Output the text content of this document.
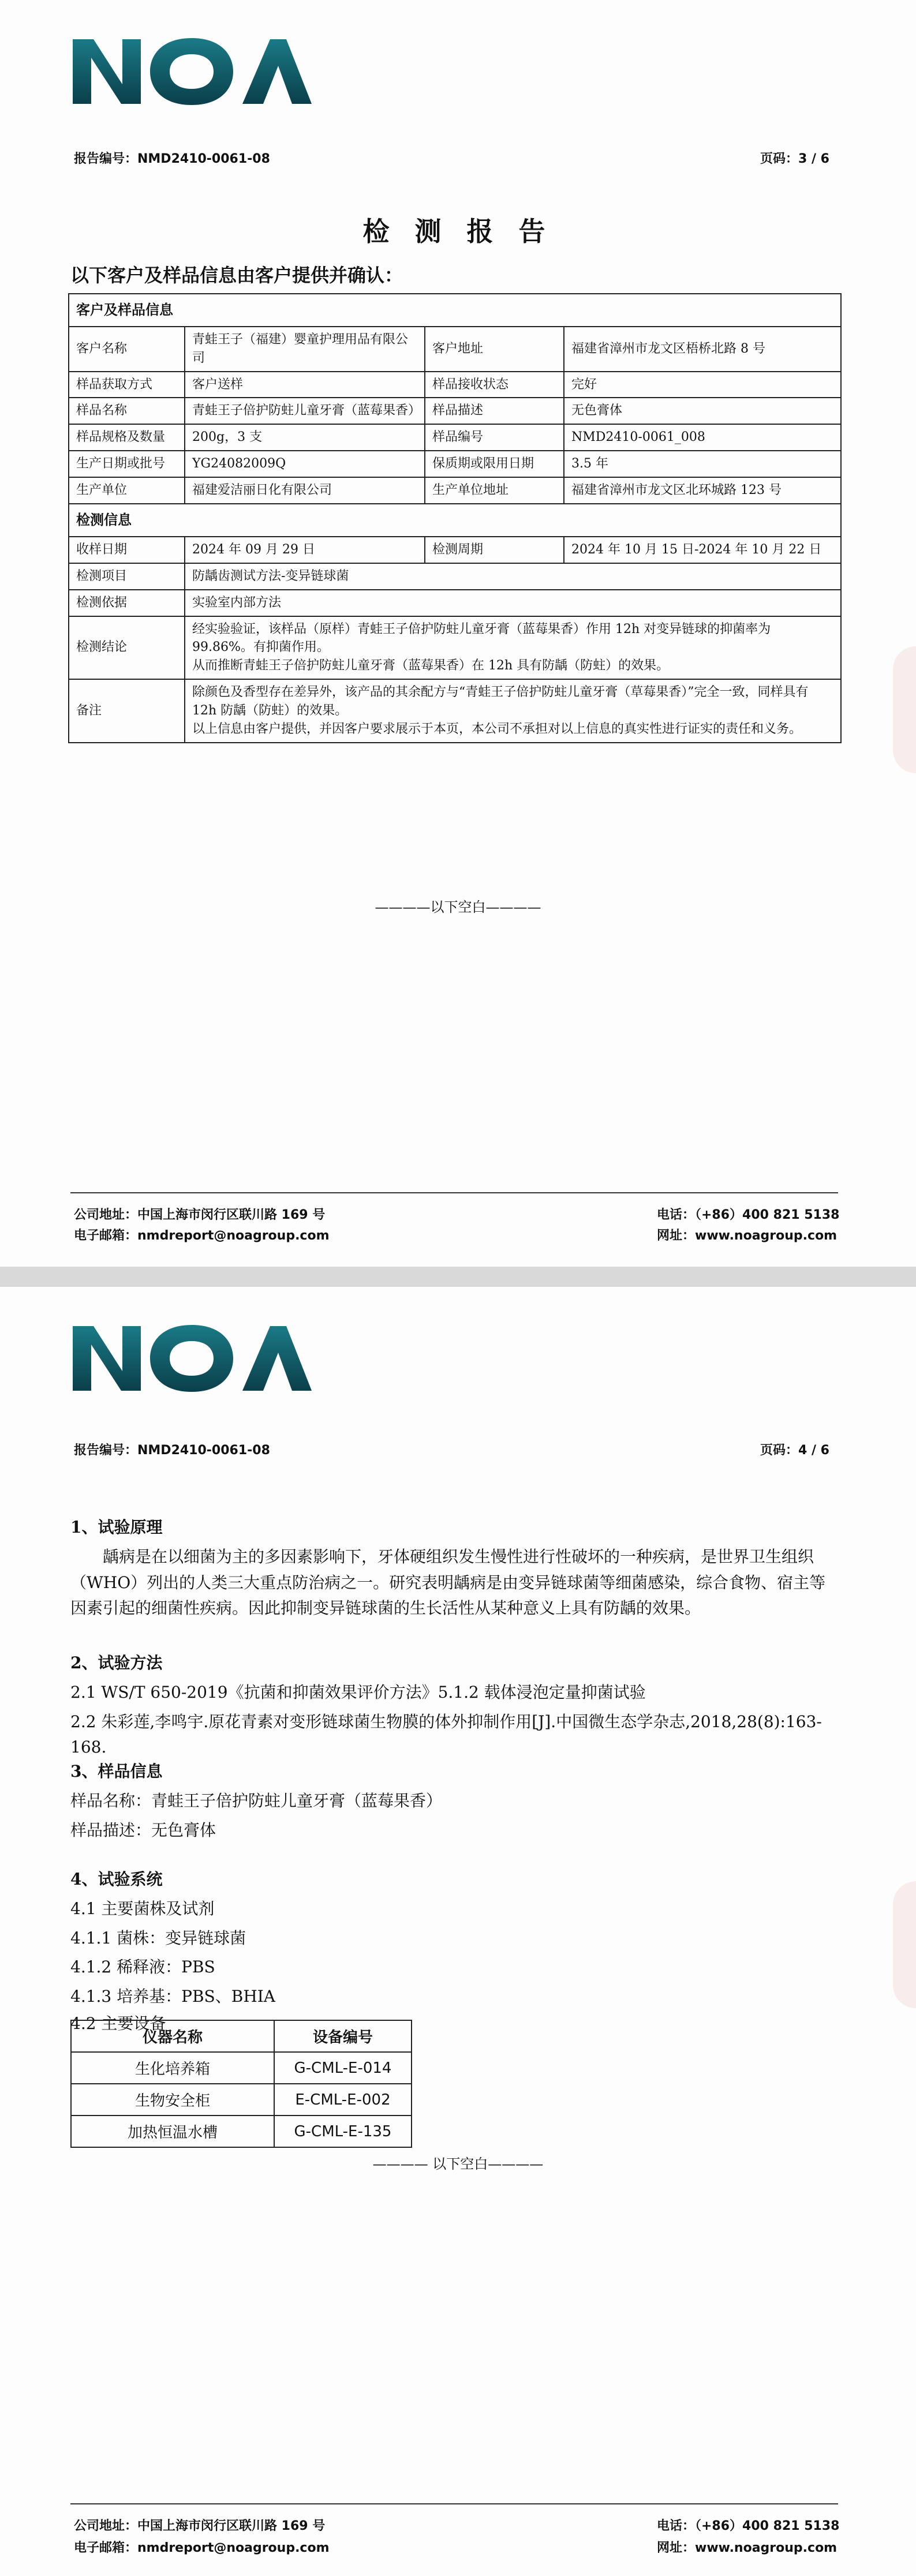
报告编号：NMD2410-0061-08	页码：3 / 6
检 测 报 告
以下客户及样品信息由客户提供并确认：
客户及样品信息			
客户名称	青蛙王子（福建）婴童护理用品有限公司	客户地址	福建省漳州市龙文区梧桥北路 8 号
样品获取方式	客户送样	样品接收状态	完好
样品名称	青蛙王子倍护防蛀儿童牙膏（蓝莓果香）	样品描述	无色膏体
样品规格及数量	200g，3 支	样品编号	NMD2410-0061_008
生产日期或批号	YG24082009Q	保质期或限用日期	3.5 年
生产单位	福建爱洁丽日化有限公司	生产单位地址	福建省漳州市龙文区北环城路 123 号
检测信息			
收样日期	2024 年 09 月 29 日	检测周期	2024 年 10 月 15 日-2024 年 10 月 22 日
检测项目	防龋齿测试方法-变异链球菌		
检测依据	实验室内部方法		
检测结论	经实验验证，该样品（原样）青蛙王子倍护防蛀儿童牙膏（蓝莓果香）作用 12h 对变异链球的抑菌率为 99.86%。有抑菌作用。
从而推断青蛙王子倍护防蛀儿童牙膏（蓝莓果香）在 12h 具有防龋（防蛀）的效果。		

备注	除颜色及香型存在差异外，该产品的其余配方与“青蛙王子倍护防蛀儿童牙膏（草莓果香）”完全一致，同样具有 12h 防龋（防蛀）的效果。
以上信息由客户提供，并因客户要求展示于本页，本公司不承担对以上信息的真实性进行证实的责任和义务。		
————以下空白————
公司地址：中国上海市闵行区联川路 169 号
电子邮箱：nmdreport@noagroup.com
电话：（+86）400 821 5138
网址：www.noagroup.com
报告编号：NMD2410-0061-08	页码：4 / 6
1、试验原理
龋病是在以细菌为主的多因素影响下，牙体硬组织发生慢性进行性破坏的一种疾病，是世界卫生组织（WHO）列出的人类三大重点防治病之一。研究表明龋病是由变异链球菌等细菌感染，综合食物、宿主等因素引起的细菌性疾病。因此抑制变异链球菌的生长活性从某种意义上具有防龋的效果。
2、试验方法
2.1 WS/T 650-2019《抗菌和抑菌效果评价方法》5.1.2 载体浸泡定量抑菌试验
2.2 朱彩莲,李鸣宇.原花青素对变形链球菌生物膜的体外抑制作用[J].中国微生态学杂志,2018,28(8):163-168.
3、样品信息
样品名称：青蛙王子倍护防蛀儿童牙膏（蓝莓果香）
样品描述：无色膏体
4、试验系统
4.1 主要菌株及试剂
4.1.1 菌株：变异链球菌
4.1.2 稀释液：PBS
4.1.3 培养基：PBS、BHIA
4.2 主要设备
仪器名称	设备编号
生化培养箱	G-CML-E-014
生物安全柜	E-CML-E-002
加热恒温水槽	G-CML-E-135
———— 以下空白————
公司地址：中国上海市闵行区联川路 169 号
电子邮箱：nmdreport@noagroup.com
电话：（+86）400 821 5138
网址：www.noagroup.com
